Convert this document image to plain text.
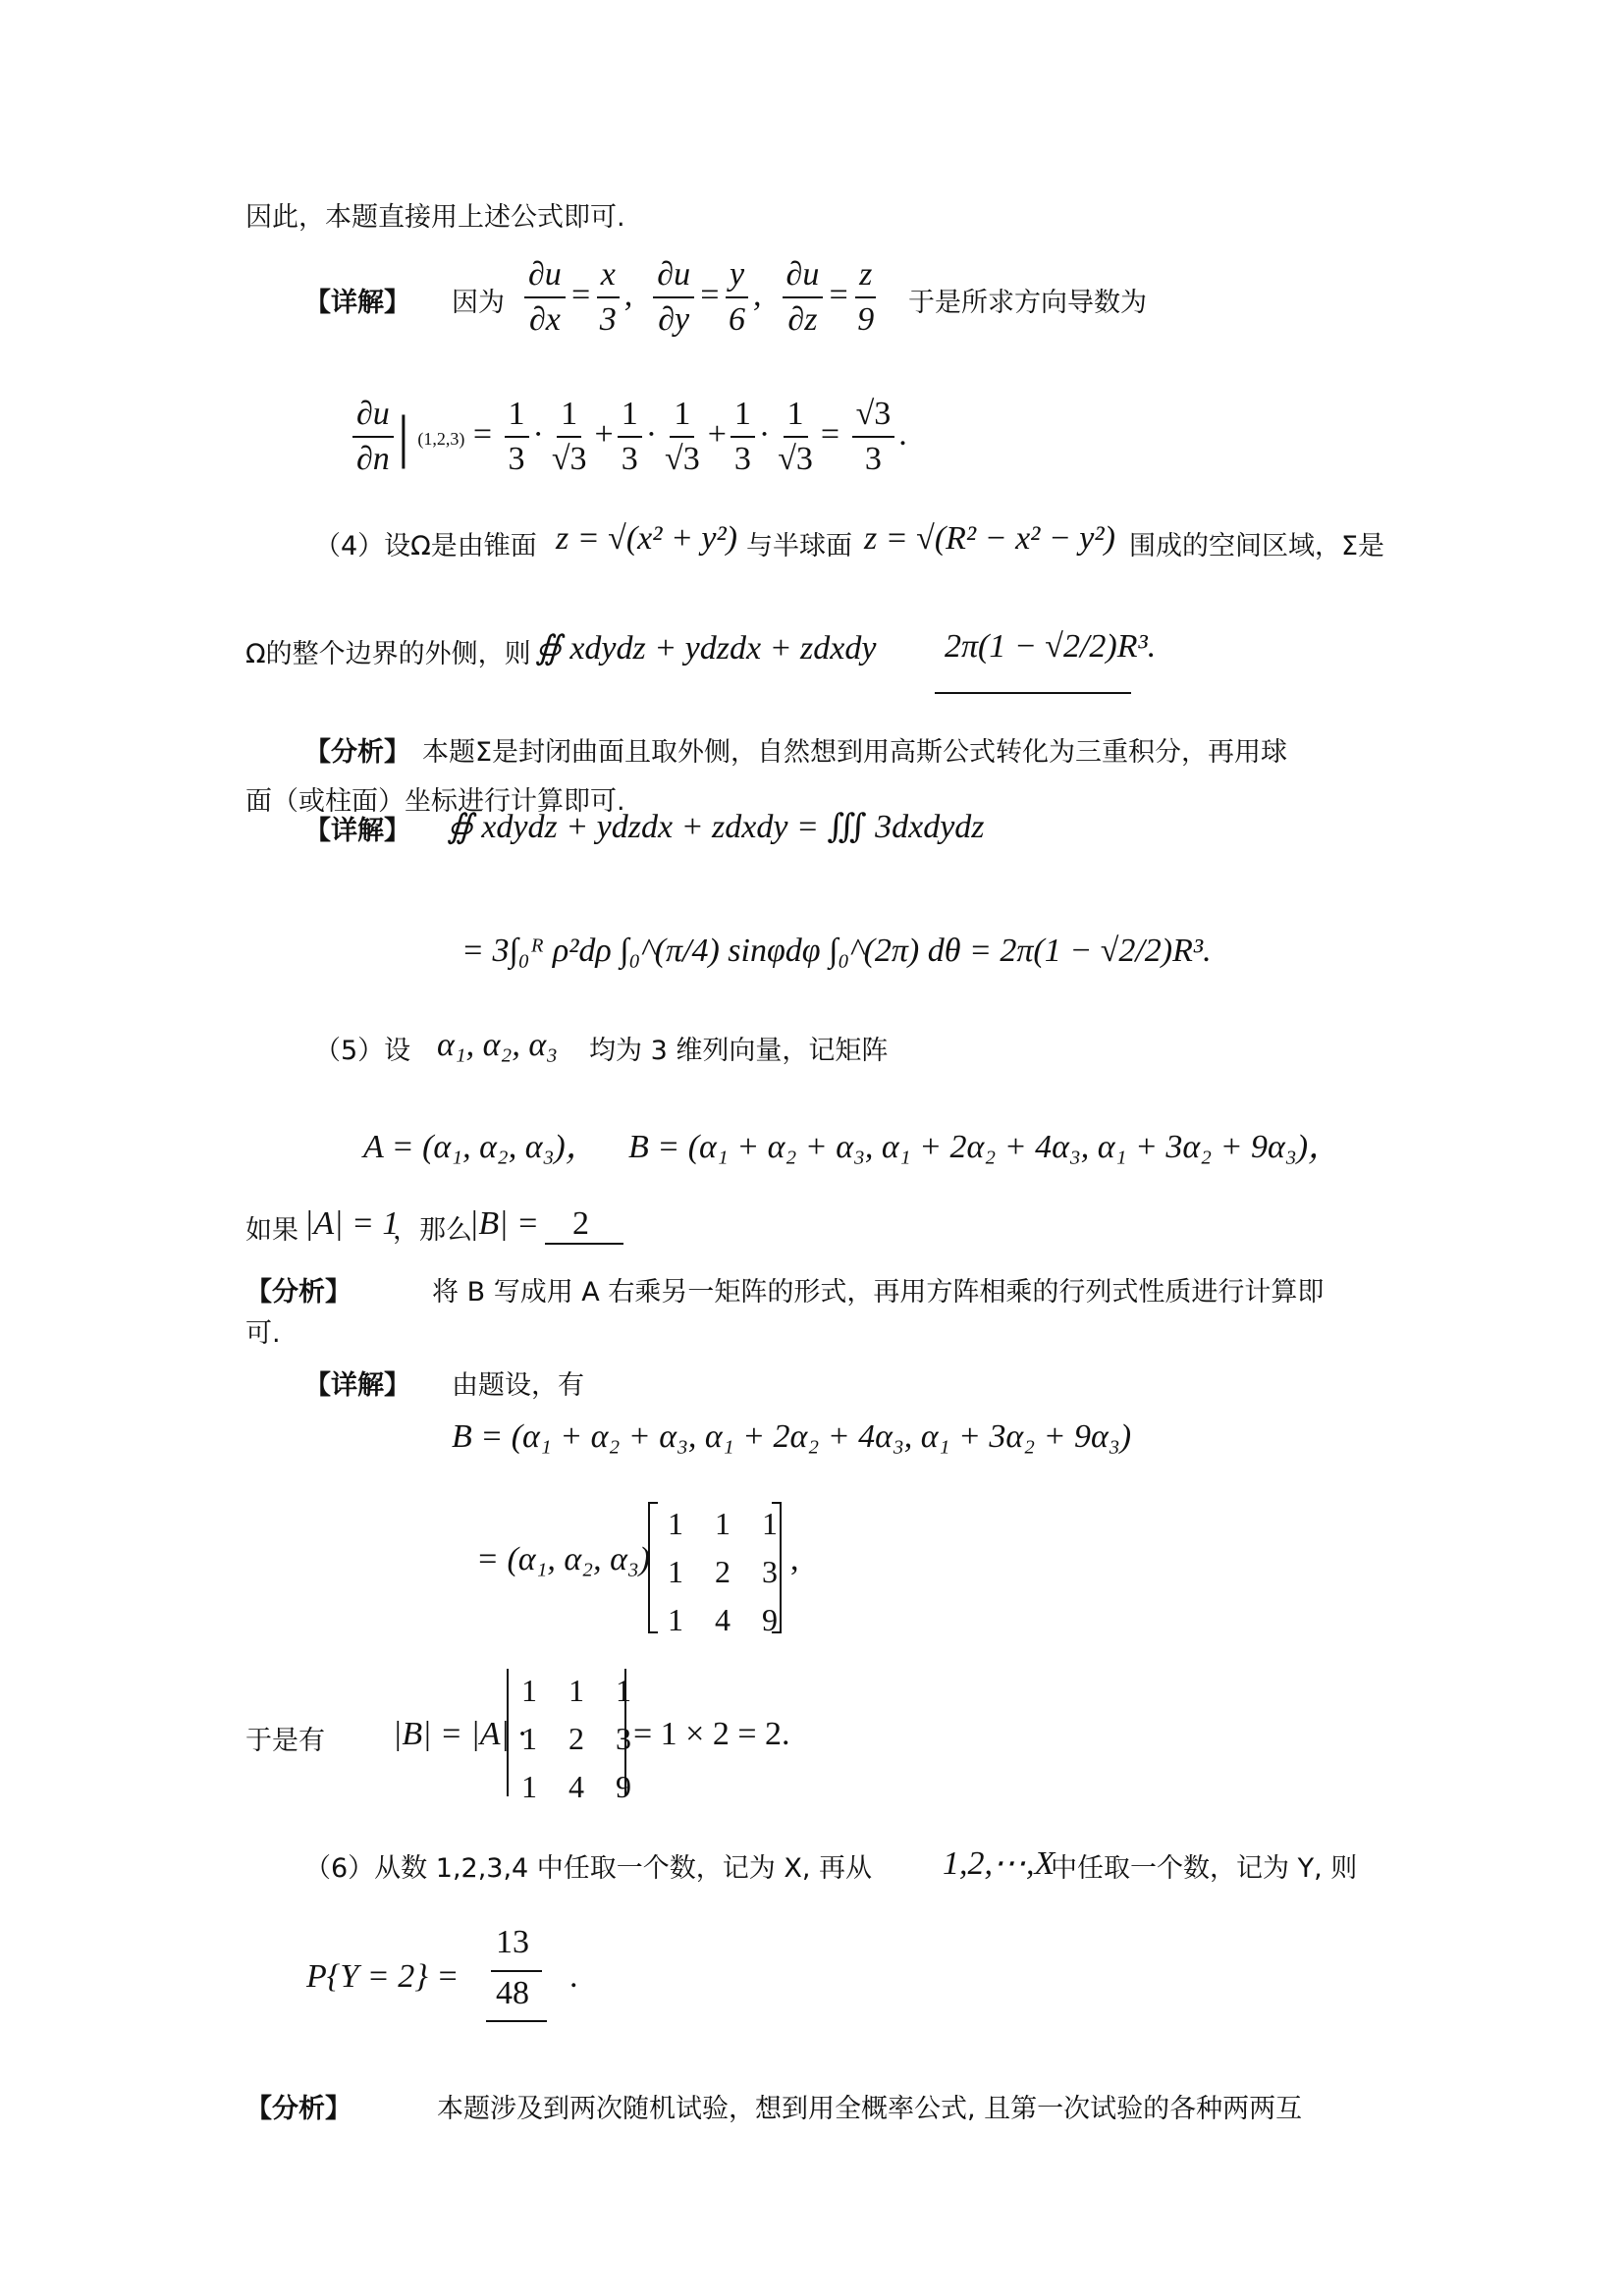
因此，本题直接用上述公式即可.
【详解】 因为 $\frac{\partial u}{\partial x} = \frac{x}{3}$ , $\frac{\partial u}{\partial y} = \frac{y}{6}$ , $\frac{\partial u}{\partial z} = \frac{z}{9}$ 于是所求方向导数为
$\frac{\partial u}{\partial n}$ | $(1,2,3) = \frac{1}{3} \cdot \frac{1}{√3} + \frac{1}{3} \cdot \frac{1}{√3} + \frac{1}{3} \cdot \frac{1}{√3} = \frac{√3}{3}$ .
（4）设Ω是由锥面 z = √(x² + y²) 与半球面 z = √(R² − x² − y²) 围成的空间区域，Σ是
Ω的整个边界的外侧，则 ∯ xdydz + ydzdx + zdxdy 2π(1 − √2/2)R³.
【分析】 本题Σ是封闭曲面且取外侧，自然想到用高斯公式转化为三重积分，再用球
面（或柱面）坐标进行计算即可.
【详解】 ∯ xdydz + ydzdx + zdxdy = ∭ 3dxdydz
= 3∫₀ᴿ ρ²dρ ∫₀^(π/4) sinφdφ ∫₀^(2π) dθ = 2π(1 − √2/2)R³.
（5）设 α₁, α₂, α₃ 均为 3 维列向量，记矩阵
A = (α₁, α₂, α₃)， B = (α₁ + α₂ + α₃, α₁ + 2α₂ + 4α₃, α₁ + 3α₂ + 9α₃)，
如果 |A| = 1
，那么
|B| = 2
【分析】	将 B 写成用 A 右乘另一矩阵的形式，再用方阵相乘的行列式性质进行计算即
可.
【详解】 由题设，有
B = (α₁ + α₂ + α₃, α₁ + 2α₂ + 4α₃, α₁ + 3α₂ + 9α₃)
= (α₁, α₂, α₃)
1	1	1
1	2	3
1	4	9
,
于是有 |B| = |A| ·
1	1	1
1	2	3
1	4	9
= 1 × 2 = 2.
（6）从数 1,2,3,4 中任取一个数，记为 X, 再从 1,2,⋯,X
中任取一个数，记为 Y, 则
P{Y = 2} =
13
48 .
【分析】	本题涉及到两次随机试验，想到用全概率公式, 且第一次试验的各种两两互
